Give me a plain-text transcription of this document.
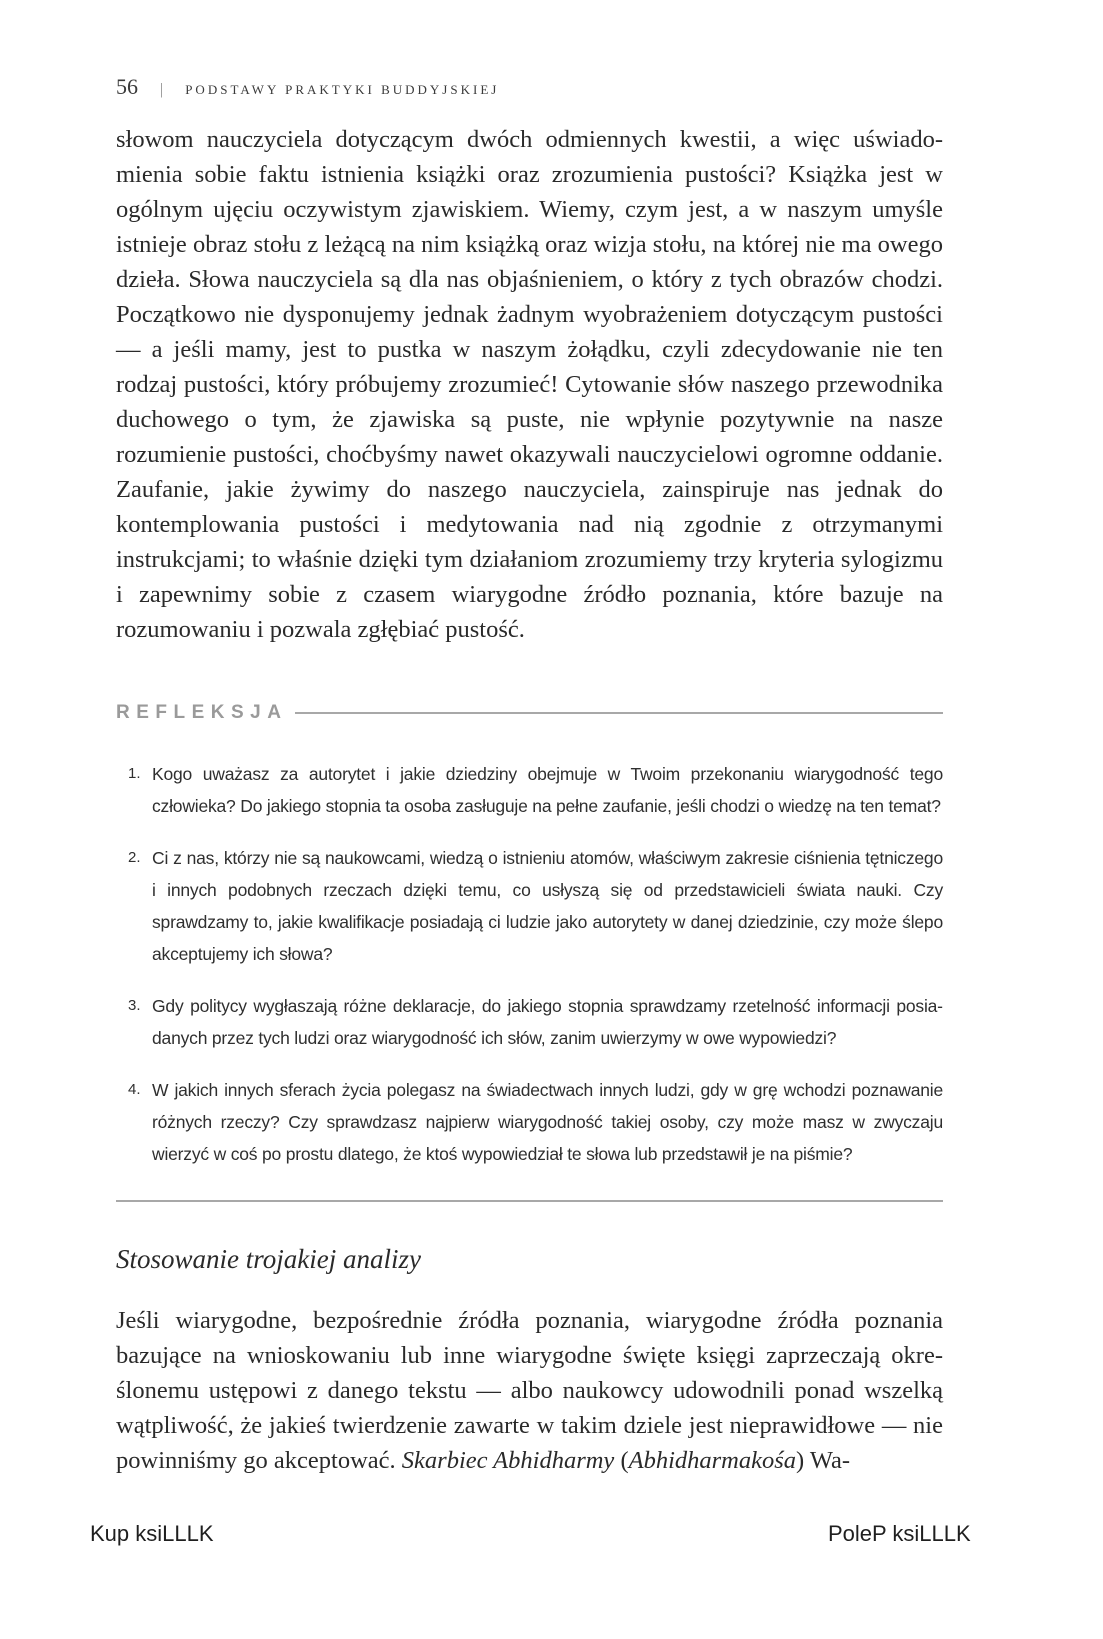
56 | PODSTAWY PRAKTYKI BUDDYJSKIEJ

słowom nauczyciela dotyczącym dwóch odmiennych kwestii, a więc uświadomienia sobie faktu istnienia książki oraz zrozumienia pustości? Książka jest w ogólnym ujęciu oczywistym zjawiskiem. Wiemy, czym jest, a w naszym umyśle istnieje obraz stołu z leżącą na nim książką oraz wizja stołu, na której nie ma owego dzieła. Słowa nauczyciela są dla nas objaśnieniem, o który z tych obrazów chodzi. Początkowo nie dysponujemy jednak żadnym wyobrażeniem dotyczącym pustości — a jeśli mamy, jest to pustka w naszym żołądku, czyli zdecydowanie nie ten rodzaj pustości, który próbujemy zrozumieć! Cytowanie słów naszego przewodnika duchowego o tym, że zjawiska są puste, nie wpłynie pozytywnie na nasze rozumienie pustości, choćbyśmy nawet okazywali nauczycielowi ogromne oddanie. Zaufanie, jakie żywimy do naszego nauczyciela, zainspiruje nas jednak do kontemplowania pustości i medytowania nad nią zgodnie z otrzymanymi instrukcjami; to właśnie dzięki tym działaniom zrozumiemy trzy kryteria sylogizmu i zapewnimy sobie z czasem wiarygodne źródło poznania, które bazuje na rozumowaniu i pozwala zgłębiać pustość.

REFLEKSJA
1. Kogo uważasz za autorytet i jakie dziedziny obejmuje w Twoim przekonaniu wiarygodność tego człowieka? Do jakiego stopnia ta osoba zasługuje na pełne zaufanie, jeśli chodzi o wiedzę na ten temat?
2. Ci z nas, którzy nie są naukowcami, wiedzą o istnieniu atomów, właściwym zakresie ciśnienia tętniczego i innych podobnych rzeczach dzięki temu, co usłyszą się od przedstawicieli świata nauki. Czy sprawdzamy to, jakie kwalifikacje posiadają ci ludzie jako autorytety w danej dziedzinie, czy może ślepo akceptujemy ich słowa?
3. Gdy politycy wygłaszają różne deklaracje, do jakiego stopnia sprawdzamy rzetelność informacji posiadanych przez tych ludzi oraz wiarygodność ich słów, zanim uwierzymy w owe wypowiedzi?
4. W jakich innych sferach życia polegasz na świadectwach innych ludzi, gdy w grę wchodzi poznawanie różnych rzeczy? Czy sprawdzasz najpierw wiarygodność takiej osoby, czy może masz w zwyczaju wierzyć w coś po prostu dlatego, że ktoś wypowiedział te słowa lub przedstawił je na piśmie?
Stosowanie trojakiej analizy

Jeśli wiarygodne, bezpośrednie źródła poznania, wiarygodne źródła poznania bazujące na wnioskowaniu lub inne wiarygodne święte księgi zaprzeczają określonemu ustępowi z danego tekstu — albo naukowcy udowodnili ponad wszelką wątpliwość, że jakieś twierdzenie zawarte w takim dziele jest nieprawidłowe — nie powinniśmy go akceptować. Skarbiec Abhidharmy (Abhidharmakośa) Wa-

Kup ksiLLLK	PoleP ksiLLLK
